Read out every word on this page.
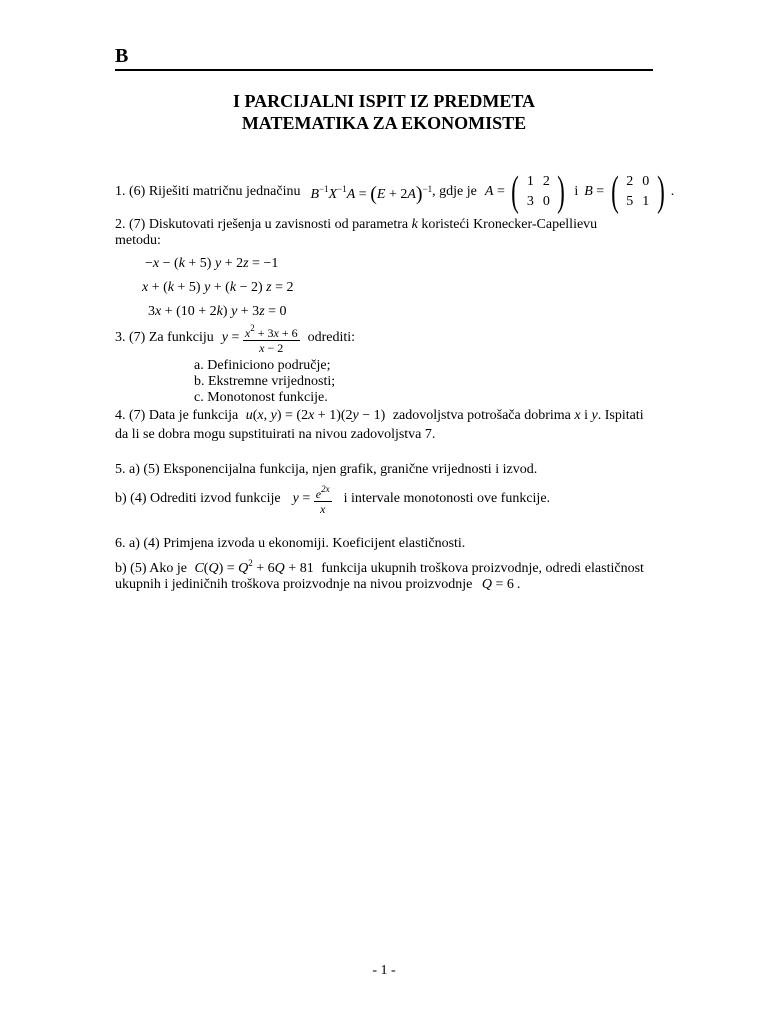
B
I PARCIJALNI ISPIT IZ PREDMETA
MATEMATIKA ZA EKONOMISTE
1. (6) Riješiti matričnu jednačinu $B^{-1}X^{-1}A = (E + 2A)^{-1}$ , gdje je A = ( 1 2
3 0 ) i B = ( 2 0
5 1 ) .
2. (7) Diskutovati rješenja u zavisnosti od parametra k koristeći Kronecker-Capellievu
metodu:
−x − (k + 5) y + 2z = −1
x + (k + 5) y + (k − 2) z = 2
3x + (10 + 2k) y + 3z = 0
3. (7) Za funkciju $y = \frac{x^2 + 3x + 6}{x - 2}$ odrediti:
a. Definiciono područje;
b. Ekstremne vrijednosti;
c. Monotonost funkcije.
4. (7) Data je funkcija u(x, y) = (2x + 1)(2y − 1) zadovoljstva potrošača dobrima x i y. Ispitati
da li se dobra mogu supstituirati na nivou zadovoljstva 7.
5. a) (5) Eksponencijalna funkcija, njen grafik, granične vrijednosti i izvod.
b) (4) Odrediti izvod funkcije $y = \frac{e^{2x}}{x}$ i intervale monotonosti ove funkcije.
6. a) (4) Primjena izvoda u ekonomiji. Koeficijent elastičnosti.
b) (5) Ako je $C(Q) = Q^2 + 6Q + 81$ funkcija ukupnih troškova proizvodnje, odredi elastičnost
ukupnih i jediničnih troškova proizvodnje na nivou proizvodnje Q = 6 .
- 1 -
